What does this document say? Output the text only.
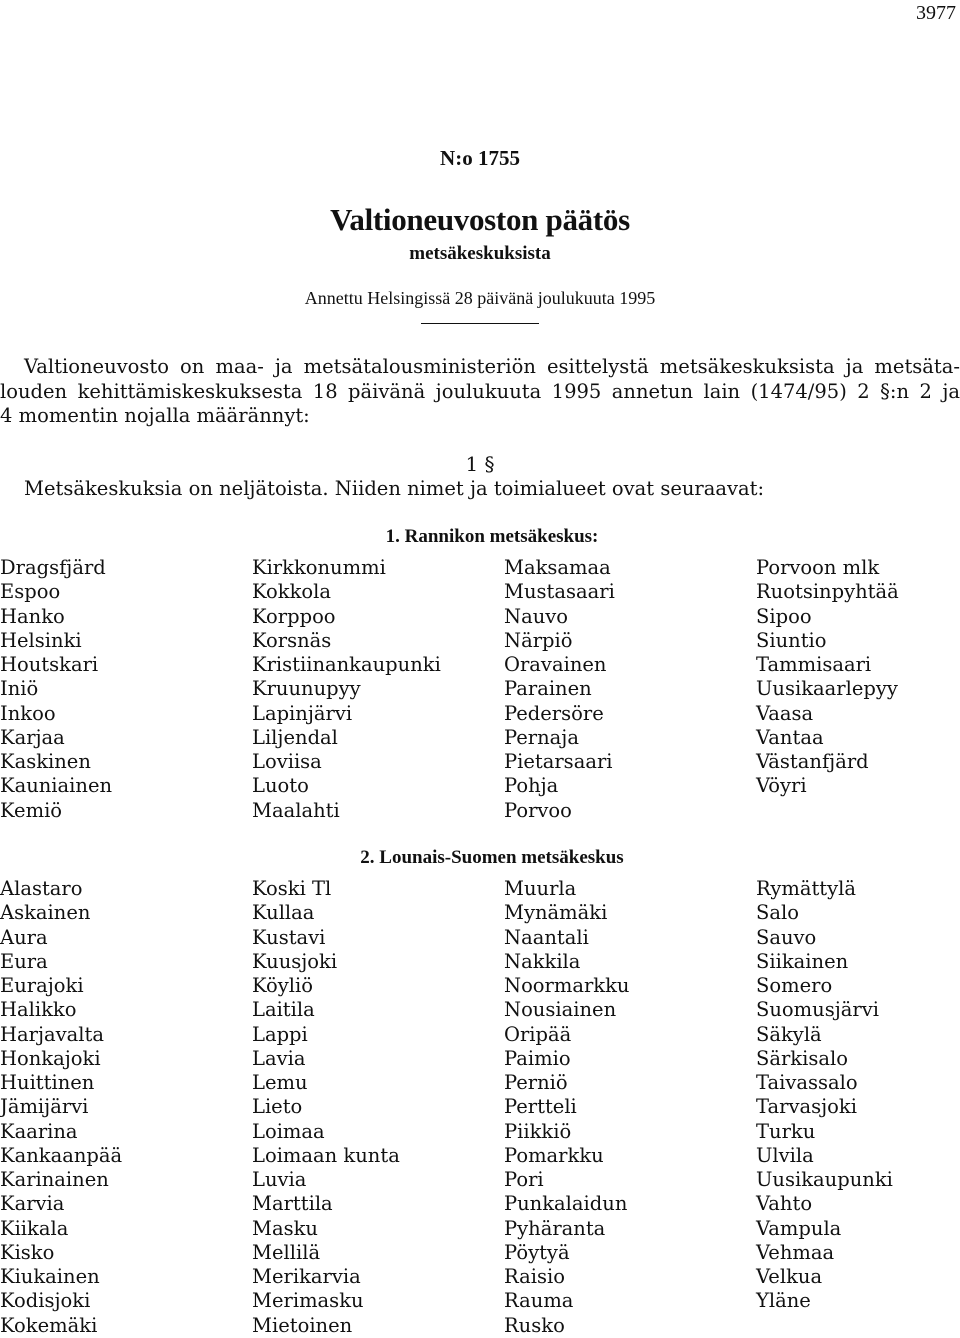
3977
N:o 1755
Valtioneuvoston päätös
metsäkeskuksista
Annettu Helsingissä 28 päivänä joulukuuta 1995
Valtioneuvosto on maa- ja metsätalousministeriön esittelystä metsäkeskuksista ja metsäta-
louden kehittämiskeskuksesta 18 päivänä joulukuuta 1995 annetun lain (1474/95) 2 §:n 2 ja
4 momentin nojalla määrännyt:
1 §
Metsäkeskuksia on neljätoista. Niiden nimet ja toimialueet ovat seuraavat:
1. Rannikon metsäkeskus:
Dragsfjärd
Espoo
Hanko
Helsinki
Houtskari
Iniö
Inkoo
Karjaa
Kaskinen
Kauniainen
Kemiö
Kirkkonummi
Kokkola
Korppoo
Korsnäs
Kristiinankaupunki
Kruunupyy
Lapinjärvi
Liljendal
Loviisa
Luoto
Maalahti
Maksamaa
Mustasaari
Nauvo
Närpiö
Oravainen
Parainen
Pedersöre
Pernaja
Pietarsaari
Pohja
Porvoo
Porvoon mlk
Ruotsinpyhtää
Sipoo
Siuntio
Tammisaari
Uusikaarlepyy
Vaasa
Vantaa
Västanfjärd
Vöyri
2. Lounais-Suomen metsäkeskus
Alastaro
Askainen
Aura
Eura
Eurajoki
Halikko
Harjavalta
Honkajoki
Huittinen
Jämijärvi
Kaarina
Kankaanpää
Karinainen
Karvia
Kiikala
Kisko
Kiukainen
Kodisjoki
Kokemäki
Koski Tl
Kullaa
Kustavi
Kuusjoki
Köyliö
Laitila
Lappi
Lavia
Lemu
Lieto
Loimaa
Loimaan kunta
Luvia
Marttila
Masku
Mellilä
Merikarvia
Merimasku
Mietoinen
Muurla
Mynämäki
Naantali
Nakkila
Noormarkku
Nousiainen
Oripää
Paimio
Perniö
Pertteli
Piikkiö
Pomarkku
Pori
Punkalaidun
Pyhäranta
Pöytyä
Raisio
Rauma
Rusko
Rymättylä
Salo
Sauvo
Siikainen
Somero
Suomusjärvi
Säkylä
Särkisalo
Taivassalo
Tarvasjoki
Turku
Ulvila
Uusikaupunki
Vahto
Vampula
Vehmaa
Velkua
Yläne
